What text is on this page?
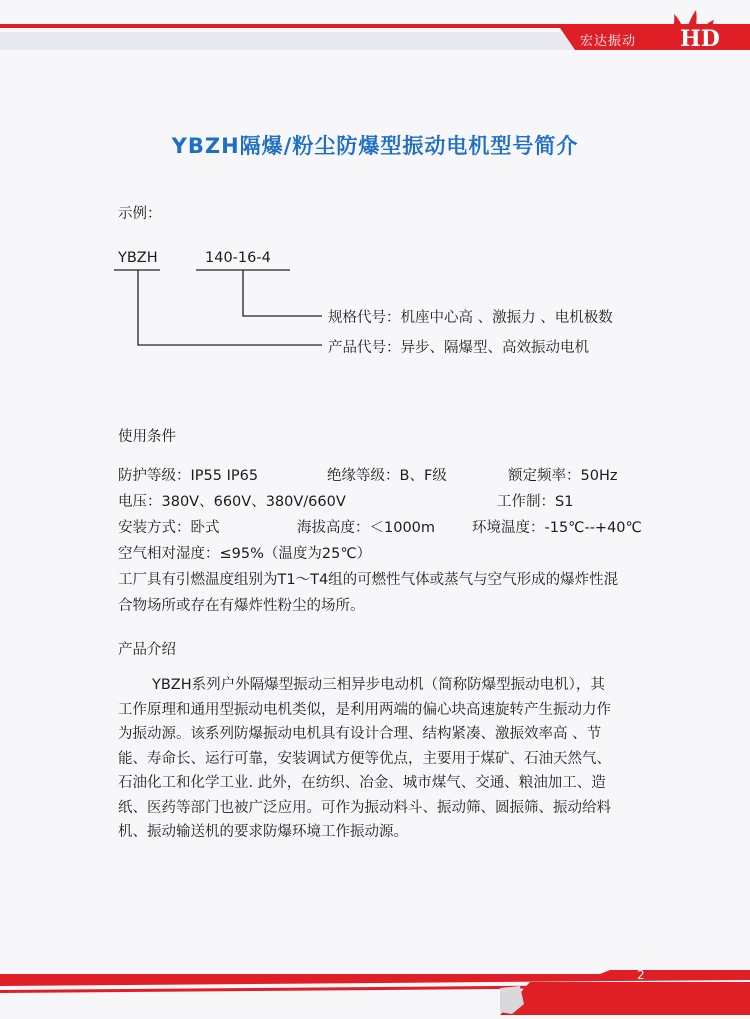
宏达振动 HD
YBZH隔爆/粉尘防爆型振动电机型号简介
示例：
YBZH	140-16-4
规格代号：机座中心高 、激振力 、电机极数
产品代号：异步、隔爆型、高效振动电机
使用条件
防护等级：IP55 IP65	绝缘等级：B、F级	额定频率：50Hz
电压：380V、660V、380V/660V	工作制：S1
安装方式：卧式	海拔高度：＜1000m	环境温度：-15℃--+40℃
空气相对湿度：≤95%（温度为25℃）
工厂具有引燃温度组别为T1～T4组的可燃性气体或蒸气与空气形成的爆炸性混
合物场所或存在有爆炸性粉尘的场所。
产品介绍
YBZH系列户外隔爆型振动三相异步电动机（简称防爆型振动电机），其
工作原理和通用型振动电机类似，是利用两端的偏心块高速旋转产生振动力作
为振动源。该系列防爆振动电机具有设计合理、结构紧凑、激振效率高 、节
能、寿命长、运行可靠，安装调试方便等优点，主要用于煤矿、石油天然气、
石油化工和化学工业. 此外，在纺织、冶金、城市煤气、交通、粮油加工、造
纸、医药等部门也被广泛应用。可作为振动料斗、振动筛、圆振筛、振动给料
机、振动输送机的要求防爆环境工作振动源。
2
